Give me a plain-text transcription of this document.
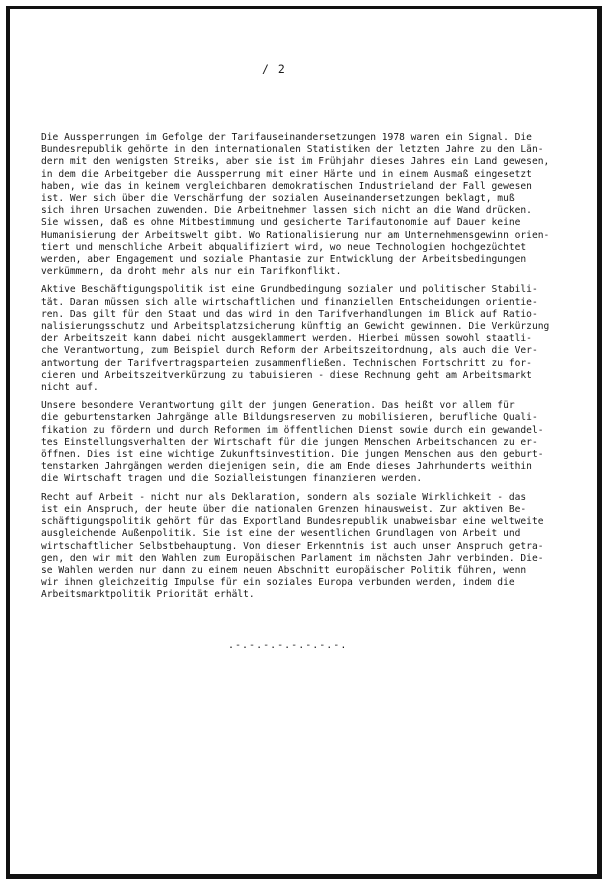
/ 2

Die Aussperrungen im Gefolge der Tarifauseinandersetzungen 1978 waren ein Signal. Die
Bundesrepublik gehörte in den internationalen Statistiken der letzten Jahre zu den Län-
dern mit den wenigsten Streiks, aber sie ist im Frühjahr dieses Jahres ein Land gewesen,
in dem die Arbeitgeber die Aussperrung mit einer Härte und in einem Ausmaß eingesetzt
haben, wie das in keinem vergleichbaren demokratischen Industrieland der Fall gewesen
ist. Wer sich über die Verschärfung der sozialen Auseinandersetzungen beklagt, muß
sich ihren Ursachen zuwenden. Die Arbeitnehmer lassen sich nicht an die Wand drücken.
Sie wissen, daß es ohne Mitbestimmung und gesicherte Tarifautonomie auf Dauer keine
Humanisierung der Arbeitswelt gibt. Wo Rationalisierung nur am Unternehmensgewinn orien-
tiert und menschliche Arbeit abqualifiziert wird, wo neue Technologien hochgezüchtet
werden, aber Engagement und soziale Phantasie zur Entwicklung der Arbeitsbedingungen
verkümmern, da droht mehr als nur ein Tarifkonflikt.

Aktive Beschäftigungspolitik ist eine Grundbedingung sozialer und politischer Stabili-
tät. Daran müssen sich alle wirtschaftlichen und finanziellen Entscheidungen orientie-
ren. Das gilt für den Staat und das wird in den Tarifverhandlungen im Blick auf Ratio-
nalisierungsschutz und Arbeitsplatzsicherung künftig an Gewicht gewinnen. Die Verkürzung
der Arbeitszeit kann dabei nicht ausgeklammert werden. Hierbei müssen sowohl staatli-
che Verantwortung, zum Beispiel durch Reform der Arbeitszeitordnung, als auch die Ver-
antwortung der Tarifvertragsparteien zusammenfließen. Technischen Fortschritt zu for-
cieren und Arbeitszeitverkürzung zu tabuisieren - diese Rechnung geht am Arbeitsmarkt
nicht auf.

Unsere besondere Verantwortung gilt der jungen Generation. Das heißt vor allem für
die geburtenstarken Jahrgänge alle Bildungsreserven zu mobilisieren, berufliche Quali-
fikation zu fördern und durch Reformen im öffentlichen Dienst sowie durch ein gewandel-
tes Einstellungsverhalten der Wirtschaft für die jungen Menschen Arbeitschancen zu er-
öffnen. Dies ist eine wichtige Zukunftsinvestition. Die jungen Menschen aus den geburt-
tenstarken Jahrgängen werden diejenigen sein, die am Ende dieses Jahrhunderts weithin
die Wirtschaft tragen und die Sozialleistungen finanzieren werden.

Recht auf Arbeit - nicht nur als Deklaration, sondern als soziale Wirklichkeit - das
ist ein Anspruch, der heute über die nationalen Grenzen hinausweist. Zur aktiven Be-
schäftigungspolitik gehört für das Exportland Bundesrepublik unabweisbar eine weltweite
ausgleichende Außenpolitik. Sie ist eine der wesentlichen Grundlagen von Arbeit und
wirtschaftlicher Selbstbehauptung. Von dieser Erkenntnis ist auch unser Anspruch getra-
gen, den wir mit den Wahlen zum Europäischen Parlament im nächsten Jahr verbinden. Die-
se Wahlen werden nur dann zu einem neuen Abschnitt europäischer Politik führen, wenn
wir ihnen gleichzeitig Impulse für ein soziales Europa verbunden werden, indem die
Arbeitsmarktpolitik Priorität erhält.

.-.-.-.-.-.-.-.-.
